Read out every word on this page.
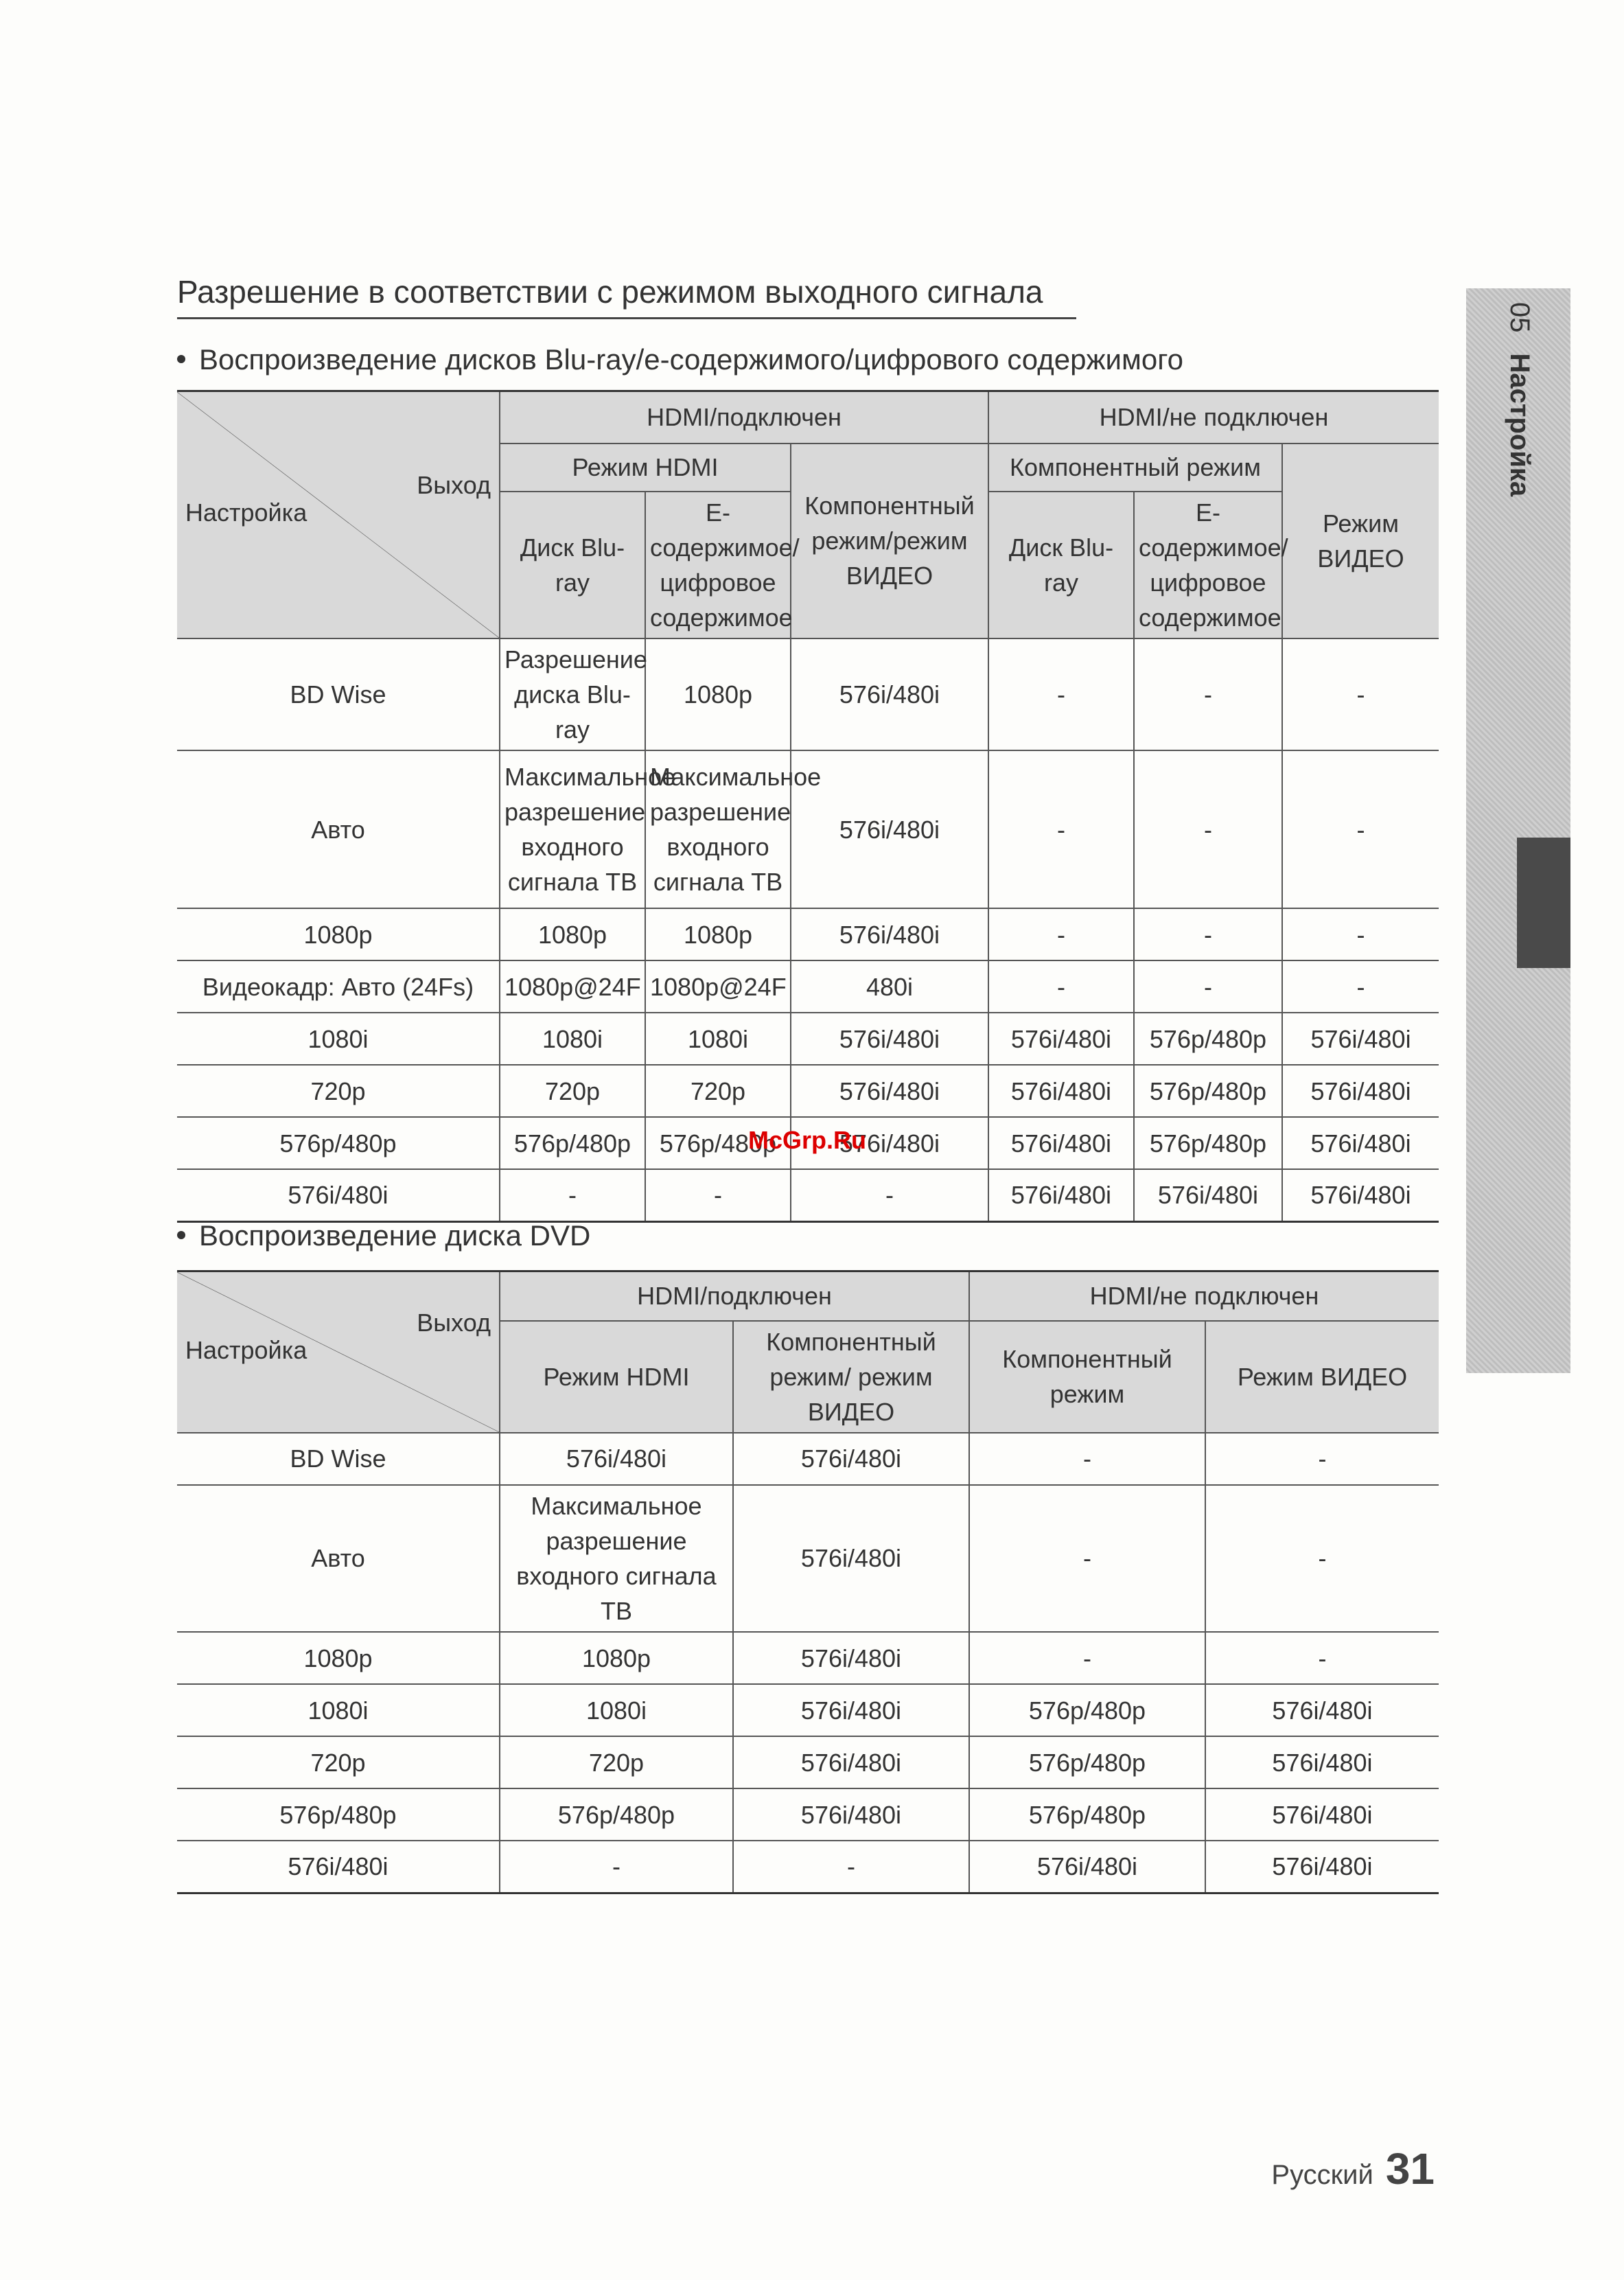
Разрешение в соответствии с режимом выходного сигнала
Воспроизведение дисков Blu-ray/e-содержимого/цифрового содержимого
Выход
Настройка	HDMI/подключен			HDMI/не подключен		
	Режим HDMI		Компонентный режим/режим ВИДЕО	Компонентный режим		Режим ВИДЕО
	Диск Blu-ray	E-содержимое/ цифровое содержимое		Диск Blu-ray	E-содержимое/ цифровое содержимое	
BD Wise	Разрешение диска Blu-ray	1080p	576i/480i	-	-	-
Авто	Максимальное разрешение входного сигнала ТВ	Максимальное разрешение входного сигнала ТВ	576i/480i	-	-	-
1080p	1080p	1080p	576i/480i	-	-	-
Видеокадр: Авто (24Fs)	1080p@24F	1080p@24F	480i	-	-	-
1080i	1080i	1080i	576i/480i	576i/480i	576p/480p	576i/480i
720p	720p	720p	576i/480i	576i/480i	576p/480p	576i/480i
576p/480p	576p/480p	576p/480p	576i/480i	576i/480i	576p/480p	576i/480i
576i/480i	-	-	-	576i/480i	576i/480i	576i/480i
McGrp.Ru
Воспроизведение диска DVD
Выход
Настройка	HDMI/подключен		HDMI/не подключен	
	Режим HDMI	Компонентный режим/ режим ВИДЕО	Компонентный режим	Режим ВИДЕО
BD Wise	576i/480i	576i/480i	-	-
Авто	Максимальное разрешение входного сигнала ТВ	576i/480i	-	-
1080p	1080p	576i/480i	-	-
1080i	1080i	576i/480i	576p/480p	576i/480i
720p	720p	576i/480i	576p/480p	576i/480i
576p/480p	576p/480p	576i/480i	576p/480p	576i/480i
576i/480i	-	-	576i/480i	576i/480i
05Настройка
Русский 31
